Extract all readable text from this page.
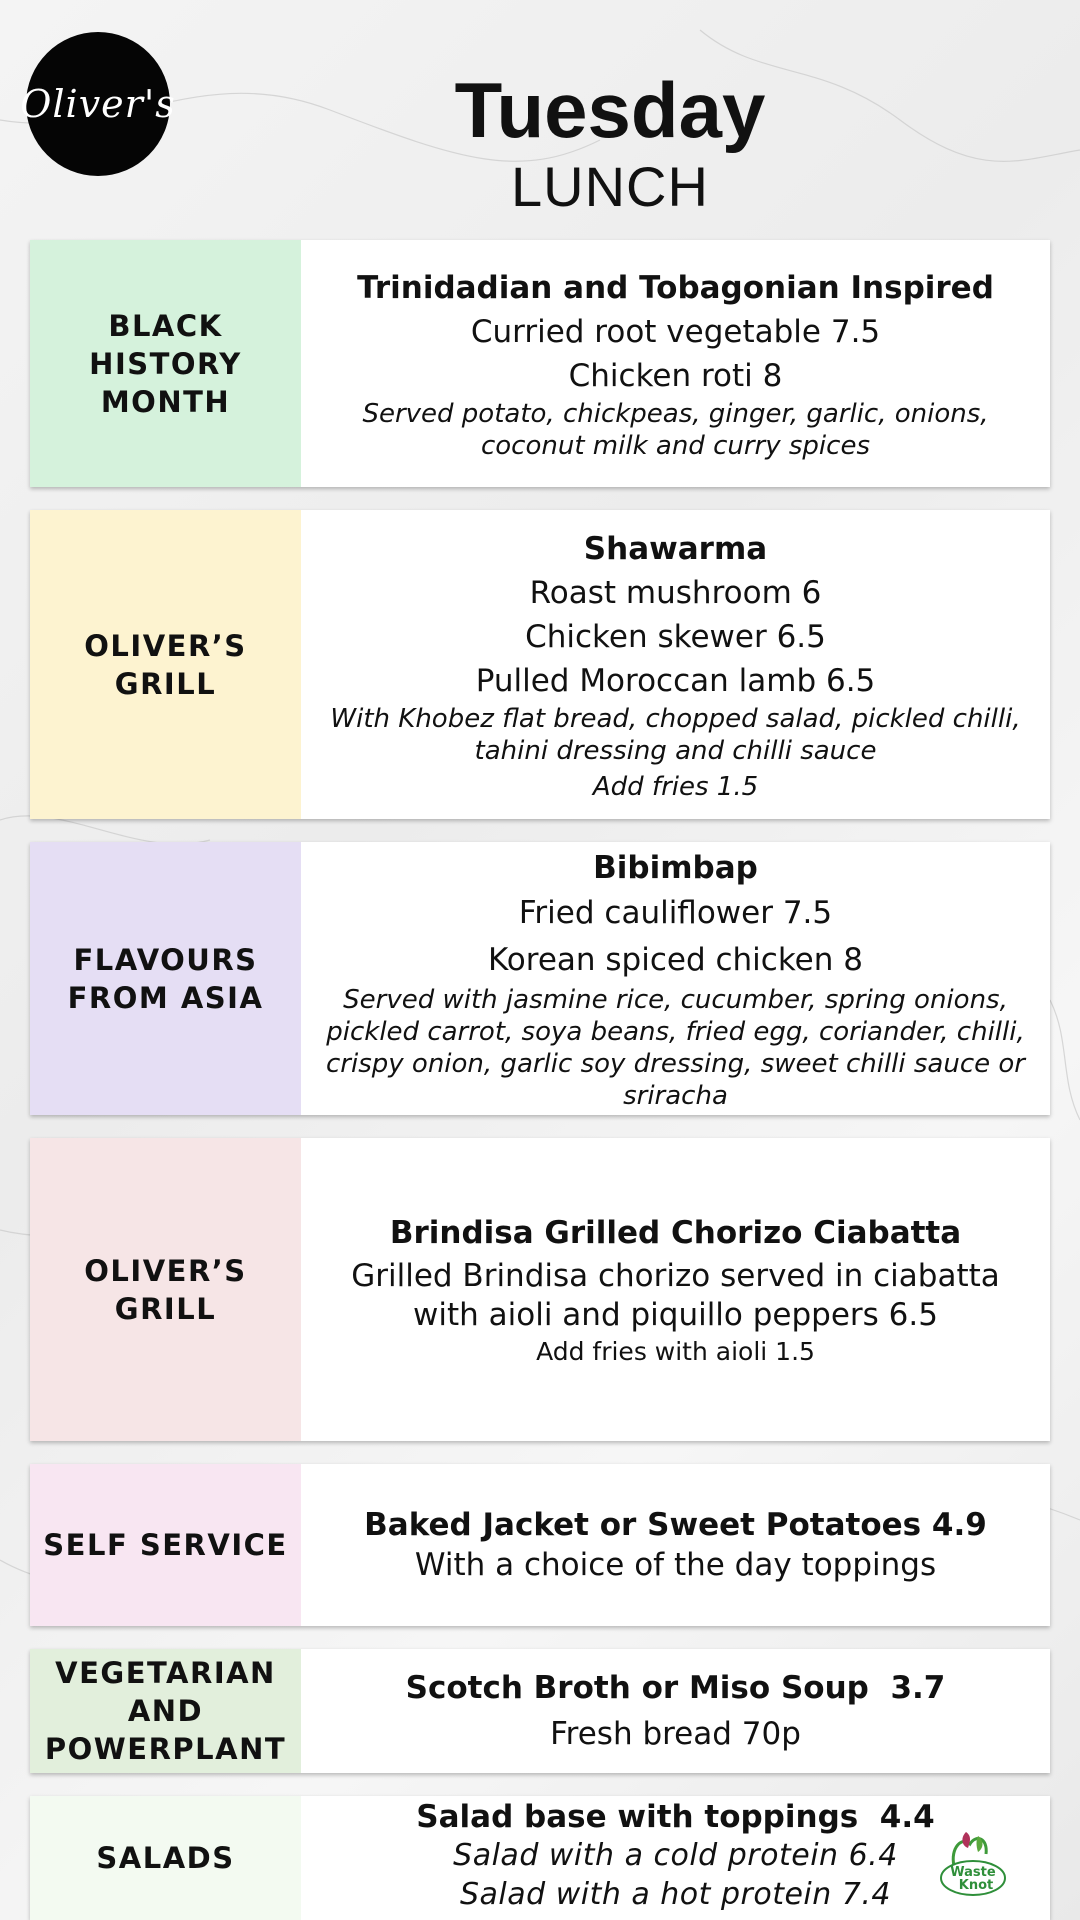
Oliver's	Tuesday
LUNCH
BLACK HISTORY MONTH
Trinidadian and Tobagonian Inspired
Curried root vegetable 7.5
Chicken roti 8
Served potato, chickpeas, ginger, garlic, onions, coconut milk and curry spices
OLIVER’S GRILL
Shawarma
Roast mushroom 6
Chicken skewer 6.5
Pulled Moroccan lamb 6.5
With Khobez flat bread, chopped salad, pickled chilli, tahini dressing and chilli sauce
Add fries 1.5
FLAVOURS FROM ASIA
Bibimbap
Fried cauliflower 7.5
Korean spiced chicken 8
Served with jasmine rice, cucumber, spring onions, pickled carrot, soya beans, fried egg, coriander, chilli, crispy onion, garlic soy dressing, sweet chilli sauce or sriracha
OLIVER’S GRILL
Brindisa Grilled Chorizo Ciabatta
Grilled Brindisa chorizo served in ciabatta with aioli and piquillo peppers 6.5
Add fries with aioli 1.5
SELF SERVICE
Baked Jacket or Sweet Potatoes 4.9
With a choice of the day toppings
VEGETARIAN AND POWERPLANT
Scotch Broth or Miso Soup  3.7
Fresh bread 70p
SALADS
Salad base with toppings  4.4
Salad with a cold protein 6.4
Salad with a hot protein 7.4
Waste
Knot
